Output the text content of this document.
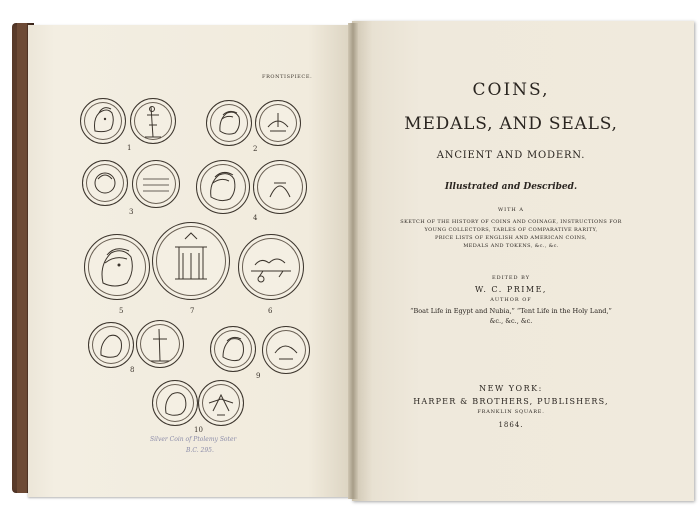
FRONTISPIECE.
1	2
3
4
5	7	6
8
9
10
Silver Coin of Ptolemy Soter
B.C. 295.
COINS,
MEDALS, AND SEALS,
ANCIENT AND MODERN.
Illustrated and Described.
WITH A
SKETCH OF THE HISTORY OF COINS AND COINAGE, INSTRUCTIONS FOR
YOUNG COLLECTORS, TABLES OF COMPARATIVE RARITY,
PRICE LISTS OF ENGLISH AND AMERICAN COINS,
MEDALS AND TOKENS, &c., &c.
EDITED BY
W. C. PRIME,
AUTHOR OF
“Boat Life in Egypt and Nubia,” “Tent Life in the Holy Land,”
&c., &c., &c.
NEW YORK:
HARPER & BROTHERS, PUBLISHERS,
FRANKLIN SQUARE.
1864.
